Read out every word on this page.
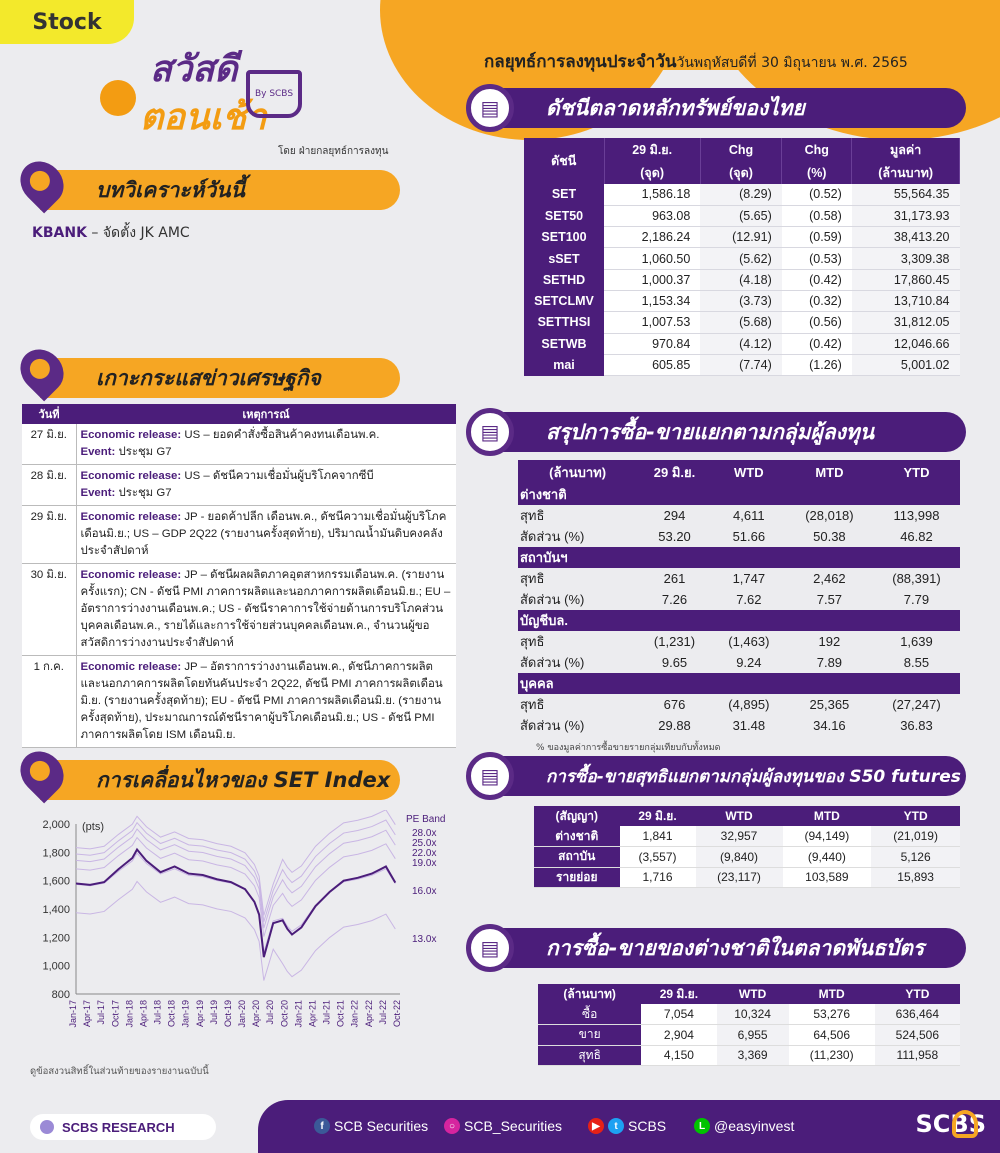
Stock
สวัสดี
ตอนเช้า
By SCBS
โดย ฝ่ายกลยุทธ์การลงทุน
กลยุทธ์การลงทุนประจำวันวันพฤหัสบดีที่ 30 มิถุนายน พ.ศ. 2565
บทวิเคราะห์วันนี้
KBANK – จัดตั้ง JK AMC
เกาะกระแสข่าวเศรษฐกิจ
การเคลื่อนไหวของ SET Index
ดัชนีตลาดหลักทรัพย์ของไทย
▤
สรุปการซื้อ-ขายแยกตามกลุ่มผู้ลงทุน
▤
การซื้อ-ขายสุทธิแยกตามกลุ่มผู้ลงทุนของ S50 futures
▤
การซื้อ-ขายของต่างชาติในตลาดพันธบัตร
▤
ดัชนี	29 มิ.ย.	Chg	Chg	มูลค่า
	(จุด)	(จุด)	(%)	(ล้านบาท)
SET	1,586.18	(8.29)	(0.52)	55,564.35
SET50	963.08	(5.65)	(0.58)	31,173.93
SET100	2,186.24	(12.91)	(0.59)	38,413.20
sSET	1,060.50	(5.62)	(0.53)	3,309.38
SETHD	1,000.37	(4.18)	(0.42)	17,860.45
SETCLMV	1,153.34	(3.73)	(0.32)	13,710.84
SETTHSI	1,007.53	(5.68)	(0.56)	31,812.05
SETWB	970.84	(4.12)	(0.42)	12,046.66
mai	605.85	(7.74)	(1.26)	5,001.02
วันที่	เหตุการณ์
27 มิ.ย.	Economic release: US – ยอดคำสั่งซื้อสินค้าคงทนเดือนพ.ค.
Event: ประชุม G7
28 มิ.ย.	Economic release: US – ดัชนีความเชื่อมั่นผู้บริโภคจากซีบี
Event: ประชุม G7
29 มิ.ย.	Economic release: JP - ยอดค้าปลีก เดือนพ.ค., ดัชนีความเชื่อมั่นผู้บริโภคเดือนมิ.ย.; US – GDP 2Q22 (รายงานครั้งสุดท้าย), ปริมาณน้ำมันดิบคงคลังประจำสัปดาห์
30 มิ.ย.	Economic release: JP – ดัชนีผลผลิตภาคอุตสาหกรรมเดือนพ.ค. (รายงานครั้งแรก); CN - ดัชนี PMI ภาคการผลิตและนอกภาคการผลิตเดือนมิ.ย.; EU – อัตราการว่างงานเดือนพ.ค.; US - ดัชนีราคาการใช้จ่ายด้านการบริโภคส่วนบุคคลเดือนพ.ค., รายได้และการใช้จ่ายส่วนบุคคลเดือนพ.ค., จำนวนผู้ขอสวัสดิการว่างงานประจำสัปดาห์
1 ก.ค.	Economic release: JP – อัตราการว่างงานเดือนพ.ค., ดัชนีภาคการผลิตและนอกภาคการผลิตโดยทันคันประจำ 2Q22, ดัชนี PMI ภาคการผลิตเดือนมิ.ย. (รายงานครั้งสุดท้าย); EU - ดัชนี PMI ภาคการผลิตเดือนมิ.ย. (รายงานครั้งสุดท้าย), ประมาณการณ์ดัชนีราคาผู้บริโภคเดือนมิ.ย.; US - ดัชนี PMI ภาคการผลิตโดย ISM เดือนมิ.ย.
(ล้านบาท)	29 มิ.ย.	WTD	MTD	YTD
ต่างชาติ				
สุทธิ	294	4,611	(28,018)	113,998
สัดส่วน (%)	53.20	51.66	50.38	46.82
สถาบันฯ				
สุทธิ	261	1,747	2,462	(88,391)
สัดส่วน (%)	7.26	7.62	7.57	7.79
บัญชีบล.				
สุทธิ	(1,231)	(1,463)	192	1,639
สัดส่วน (%)	9.65	9.24	7.89	8.55
บุคคล				
สุทธิ	676	(4,895)	25,365	(27,247)
สัดส่วน (%)	29.88	31.48	34.16	36.83
% ของมูลค่าการซื้อขายรายกลุ่มเทียบกับทั้งหมด
(สัญญา)	29 มิ.ย.	WTD	MTD	YTD
ต่างชาติ	1,841	32,957	(94,149)	(21,019)
สถาบัน	(3,557)	(9,840)	(9,440)	5,126
รายย่อย	1,716	(23,117)	103,589	15,893
(ล้านบาท)	29 มิ.ย.	WTD	MTD	YTD
ซื้อ	7,054	10,324	53,276	636,464
ขาย	2,904	6,955	64,506	524,506
สุทธิ	4,150	3,369	(11,230)	111,958
2,000
1,800
1,600
1,400
1,200
1,000
800
(pts)
Jan-17 Apr-17 Jul-17 Oct-17 Jan-18 Apr-18 Jul-18 Oct-18 Jan-19 Apr-19 Jul-19 Oct-19 Jan-20 Apr-20 Jul-20 Oct-20 Jan-21 Apr-21 Jul-21 Oct-21 Jan-22 Apr-22 Jul-22 Oct-22
PE Band
28.0x
25.0x
22.0x
19.0x
16.0x
13.0x
ดูข้อสงวนสิทธิ์ในส่วนท้ายของรายงานฉบับนี้
SCBS RESEARCH	f SCB Securities	○ SCB_Securities	▶	t SCBS	L @easyinvest	SCBS
